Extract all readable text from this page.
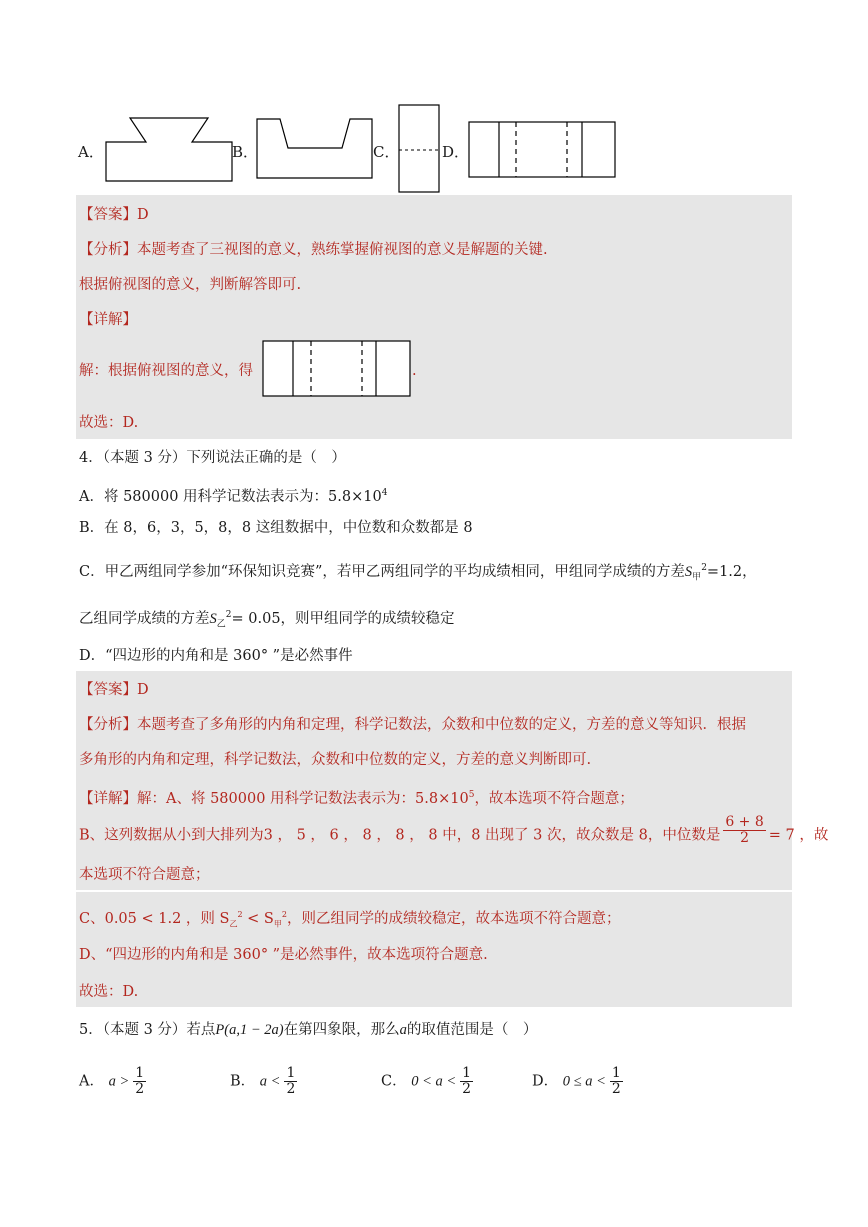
A．	B．	C．	D．
【答案】D
【分析】本题考查了三视图的意义，熟练掌握俯视图的意义是解题的关键.
根据俯视图的意义，判断解答即可.
【详解】
解：根据俯视图的意义，得	.
故选：D.
4．（本题 3 分）下列说法正确的是（　）
A．将 580000 用科学记数法表示为：$5.8\times 10^4$
B．在 8，6，3，5，8，8 这组数据中，中位数和众数都是 8
C．甲乙两组同学参加“环保知识竞赛”，若甲乙两组同学的平均成绩相同，甲组同学成绩的方差$S_甲^2=1.2$，
乙组同学成绩的方差$S_乙^2= 0.05$，则甲组同学的成绩较稳定
D．“四边形的内角和是 360° ”是必然事件
【答案】D
【分析】本题考查了多角形的内角和定理，科学记数法，众数和中位数的定义，方差的意义等知识．根据
多角形的内角和定理，科学记数法，众数和中位数的定义，方差的意义判断即可.
【详解】解：A、将 580000 用科学记数法表示为：$5.8\times 10^5$，故本选项不符合题意；
B、这列数据从小到大排列为3 ， 5 ， 6 ， 8 ， 8 ， 8 中，8 出现了 3 次，故众数是 8，中位数是 $\frac{6 + 8}{2} = 7$ ，故
本选项不符合题意；
C、0.05 < 1.2 ，则 $S_乙^2 < S_甲^2$，则乙组同学的成绩较稳定，故本选项不符合题意；
D、“四边形的内角和是 360° ”是必然事件，故本选项符合题意.
故选：D.
5．（本题 3 分）若点P(a,1 − 2a)在第四象限，那么a的取值范围是（　）
A． $a > \frac{1}{2}$	B． $a < \frac{1}{2}$	C． $0 < a < \frac{1}{2}$	D． $0 \le a < \frac{1}{2}$
